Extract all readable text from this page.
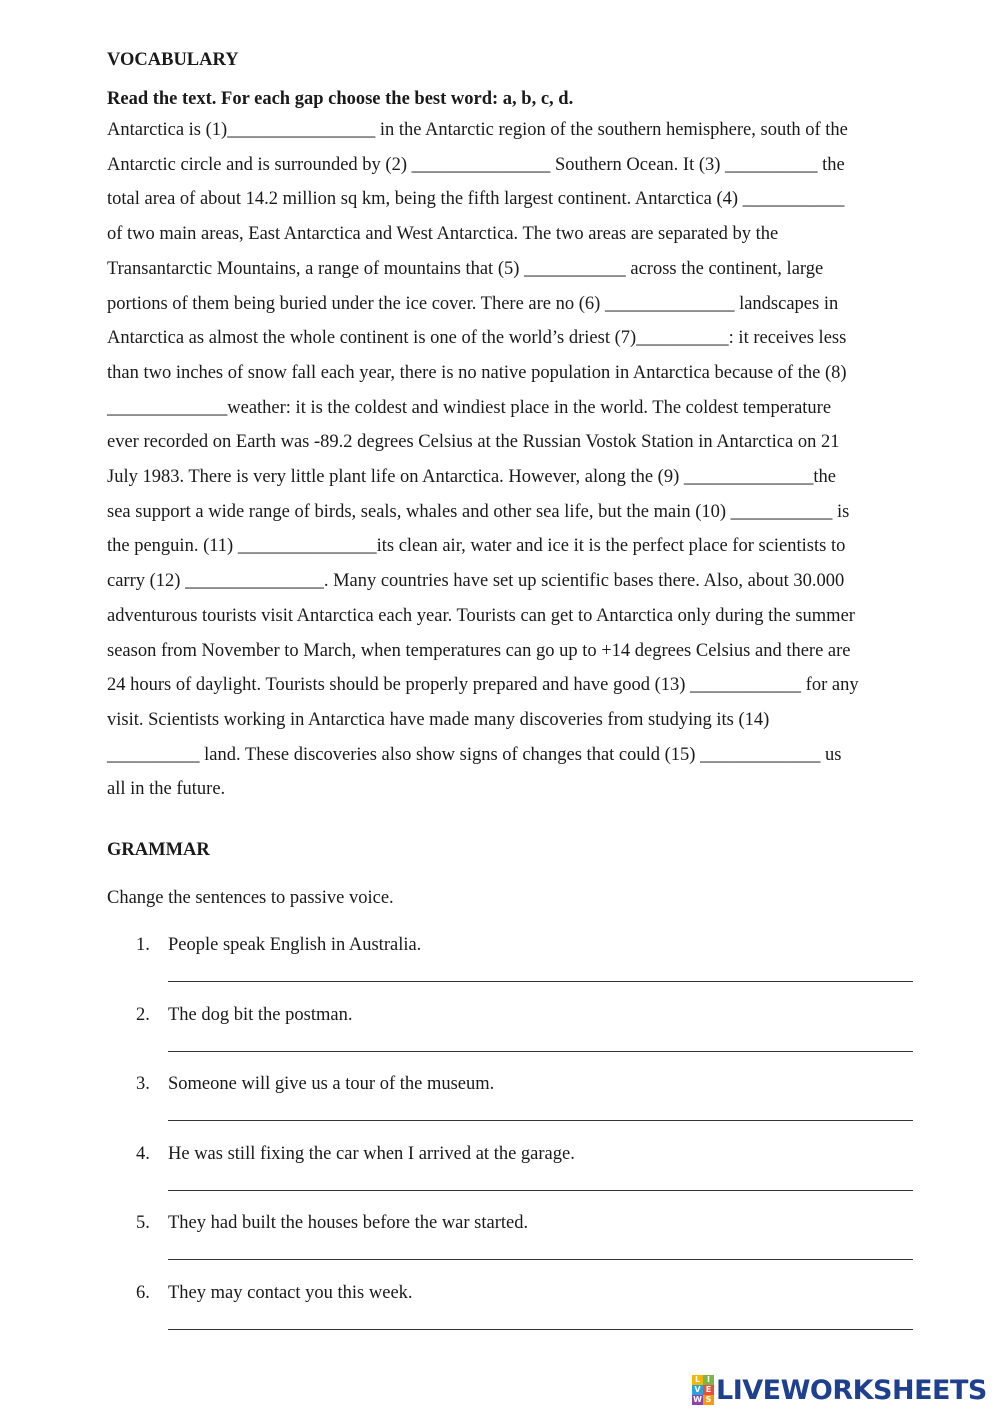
VOCABULARY

Read the text. For each gap choose the best word: a, b, c, d.

Antarctica is (1)________________ in the Antarctic region of the southern hemisphere, south of the
Antarctic circle and is surrounded by (2) _______________ Southern Ocean. It (3) __________ the
total area of about 14.2 million sq km, being the fifth largest continent. Antarctica (4) ___________
of two main areas, East Antarctica and West Antarctica. The two areas are separated by the
Transantarctic Mountains, a range of mountains that (5) ___________ across the continent, large
portions of them being buried under the ice cover. There are no (6) ______________ landscapes in
Antarctica as almost the whole continent is one of the world’s driest (7)__________: it receives less
than two inches of snow fall each year, there is no native population in Antarctica because of the (8)
_____________weather: it is the coldest and windiest place in the world. The coldest temperature
ever recorded on Earth was -89.2 degrees Celsius at the Russian Vostok Station in Antarctica on 21
July 1983. There is very little plant life on Antarctica. However, along the (9) ______________the
sea support a wide range of birds, seals, whales and other sea life, but the main (10) ___________ is
the penguin. (11) _______________its clean air, water and ice it is the perfect place for scientists to
carry (12) _______________. Many countries have set up scientific bases there. Also, about 30.000
adventurous tourists visit Antarctica each year. Tourists can get to Antarctica only during the summer
season from November to March, when temperatures can go up to +14 degrees Celsius and there are
24 hours of daylight. Tourists should be properly prepared and have good (13) ____________ for any
visit. Scientists working in Antarctica have made many discoveries from studying its (14)
__________ land. These discoveries also show signs of changes that could (15) _____________ us
all in the future.
GRAMMAR

Change the sentences to passive voice.

1. People speak English in Australia.
2. The dog bit the postman.
3. Someone will give us a tour of the museum.
4. He was still fixing the car when I arrived at the garage.
5. They had built the houses before the war started.
6. They may contact you this week.
L I
V E
W S LIVEWORKSHEETS
